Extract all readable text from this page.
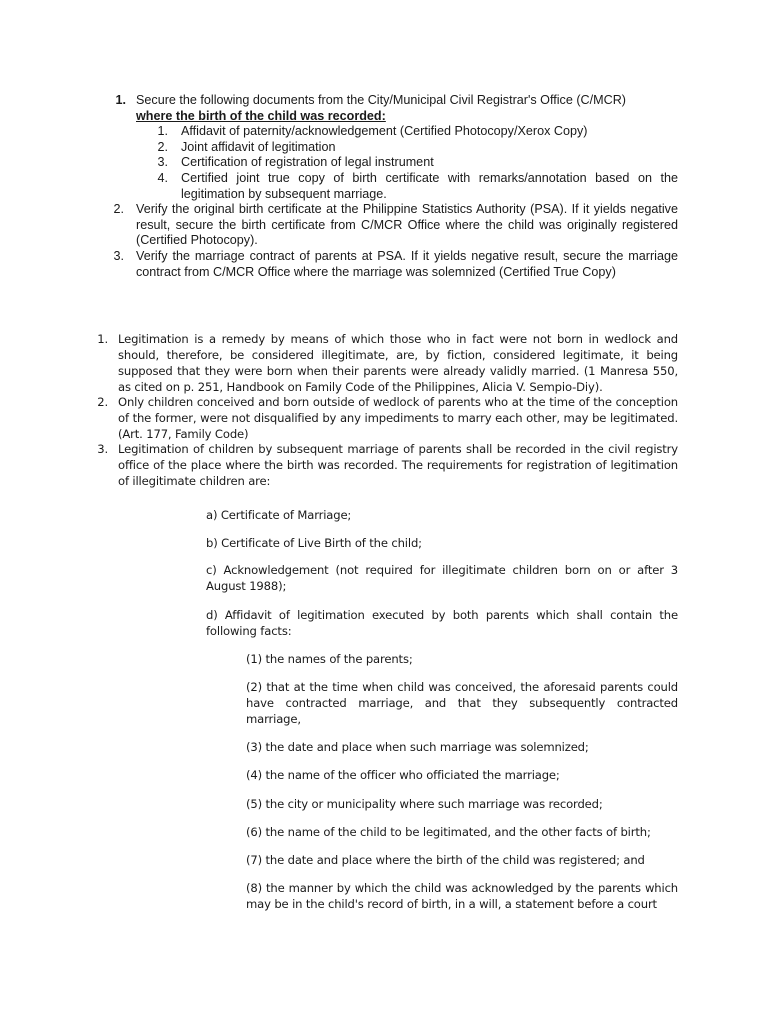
1. Secure the following documents from the City/Municipal Civil Registrar's Office (C/MCR)
where the birth of the child was recorded:
1. Affidavit of paternity/acknowledgement (Certified Photocopy/Xerox Copy)
2. Joint affidavit of legitimation
3. Certification of registration of legal instrument
4. Certified joint true copy of birth certificate with remarks/annotation based on the legitimation by subsequent marriage.
2. Verify the original birth certificate at the Philippine Statistics Authority (PSA). If it yields negative result, secure the birth certificate from C/MCR Office where the child was originally registered (Certified Photocopy).
3. Verify the marriage contract of parents at PSA. If it yields negative result, secure the marriage contract from C/MCR Office where the marriage was solemnized (Certified True Copy)
1. Legitimation is a remedy by means of which those who in fact were not born in wedlock and should, therefore, be considered illegitimate, are, by fiction, considered legitimate, it being supposed that they were born when their parents were already validly married. (1 Manresa 550, as cited on p. 251, Handbook on Family Code of the Philippines, Alicia V. Sempio-Diy).
2. Only children conceived and born outside of wedlock of parents who at the time of the conception of the former, were not disqualified by any impediments to marry each other, may be legitimated. (Art. 177, Family Code)
3. Legitimation of children by subsequent marriage of parents shall be recorded in the civil registry office of the place where the birth was recorded. The requirements for registration of legitimation of illegitimate children are:
a) Certificate of Marriage;
b) Certificate of Live Birth of the child;
c) Acknowledgement (not required for illegitimate children born on or after 3 August 1988);
d) Affidavit of legitimation executed by both parents which shall contain the following facts:
(1) the names of the parents;
(2) that at the time when child was conceived, the aforesaid parents could have contracted marriage, and that they subsequently contracted marriage,
(3) the date and place when such marriage was solemnized;
(4) the name of the officer who officiated the marriage;
(5) the city or municipality where such marriage was recorded;
(6) the name of the child to be legitimated, and the other facts of birth;
(7) the date and place where the birth of the child was registered; and
(8) the manner by which the child was acknowledged by the parents which may be in the child's record of birth, in a will, a statement before a court
